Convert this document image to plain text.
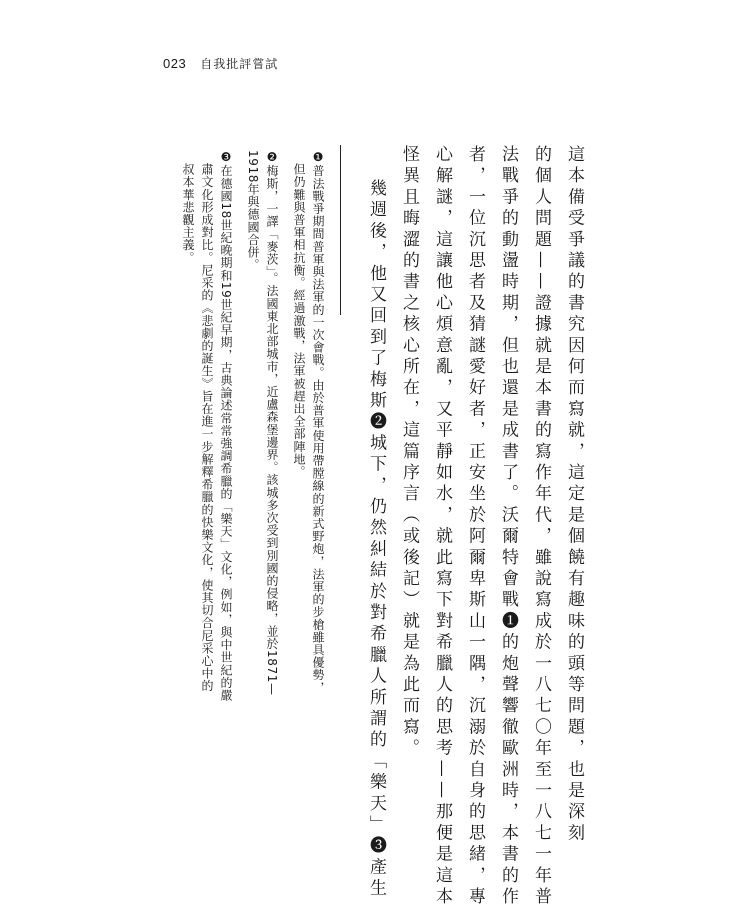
023 自我批評嘗試
這本備受爭議的書究因何而寫就，這定是個饒有趣味的頭等問題，也是深刻
的個人問題——證據就是本書的寫作年代，雖說寫成於一八七〇年至一八七一年普
法戰爭的動盪時期，但也還是成書了。沃爾特會戰❶的炮聲響徹歐洲時，本書的作
者，一位沉思者及猜謎愛好者，正安坐於阿爾卑斯山一隅，沉溺於自身的思緒，專
心解謎，這讓他心煩意亂，又平靜如水，就此寫下對希臘人的思考——那便是這本
怪異且晦澀的書之核心所在，這篇序言（或後記）就是為此而寫。
幾週後，他又回到了梅斯❷城下，仍然糾結於對希臘人所謂的「樂天」❸產生
❶普法戰爭期間普軍與法軍的一次會戰。由於普軍使用帶膛線的新式野炮，法軍的步槍雖具優勢，
但仍難與普軍相抗衡。經過激戰，法軍被趕出全部陣地。
❷梅斯，一譯「麥茨」。法國東北部城市，近盧森堡邊界。該城多次受到別國的侵略，並於1871—
1918年與德國合併。
❸在德國18世紀晚期和19世紀早期，古典論述常常強調希臘的「樂天」文化，例如，與中世紀的嚴
肅文化形成對比。尼采的《悲劇的誕生》旨在進一步解釋希臘的快樂文化，使其切合尼采心中的
叔本華悲觀主義。
